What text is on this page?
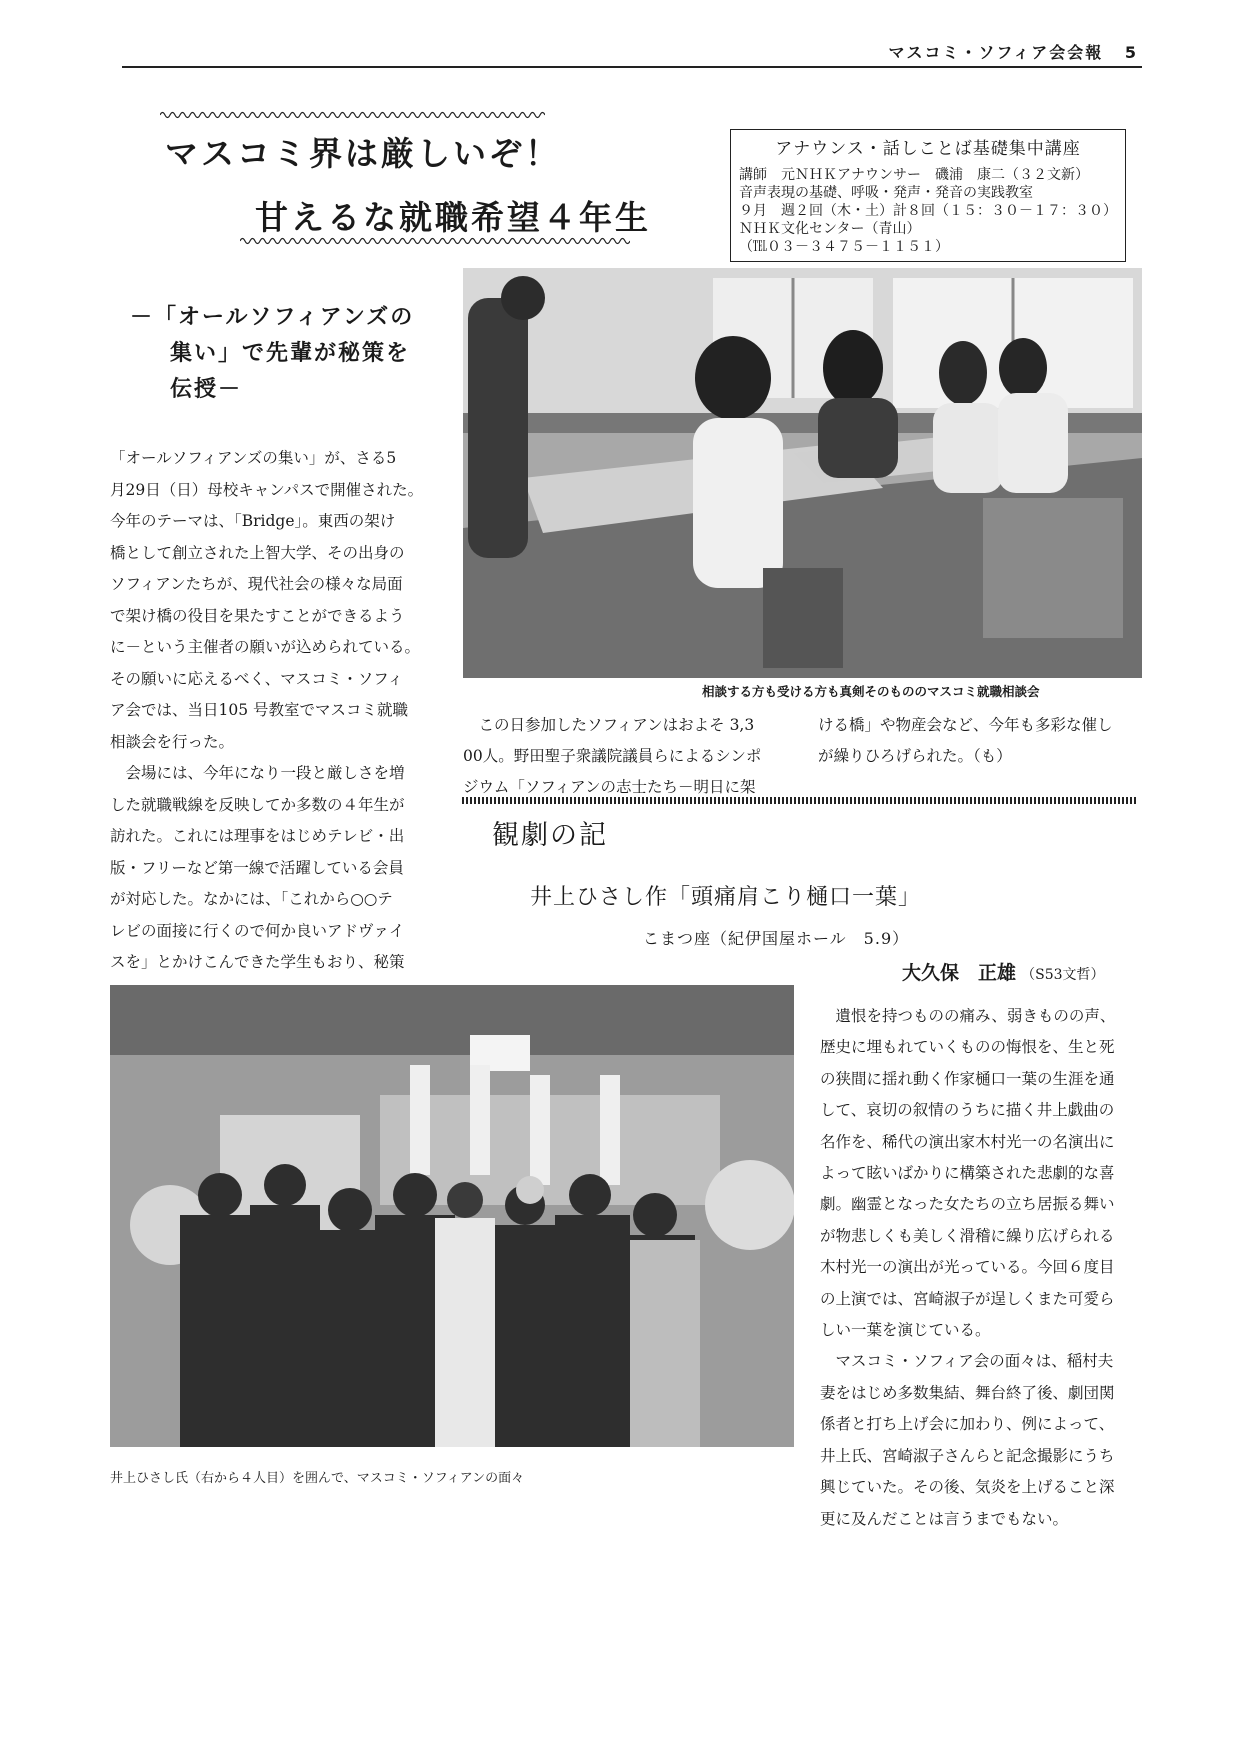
マスコミ・ソフィア会会報 5
マスコミ界は厳しいぞ！
甘えるな就職希望４年生
アナウンス・話しことば基礎集中講座
講師　元ＮＨＫアナウンサー　磯浦　康二（３２文新）
音声表現の基礎、呼吸・発声・発音の実践教室
９月　週２回（木・土）計８回（１５：３０－１７：３０）
ＮＨＫ文化センター（青山）
（℡０３－３４７５－１１５１）
－「オールソフィアンズの
集い」で先輩が秘策を
伝授－
相談する方も受ける方も真剣そのもののマスコミ就職相談会
「オールソフィアンズの集い」が、さる5
月29日（日）母校キャンパスで開催された。
今年のテーマは、「Bridge」。東西の架け
橋として創立された上智大学、その出身の
ソフィアンたちが、現代社会の様々な局面
で架け橋の役目を果たすことができるよう
に－という主催者の願いが込められている。
その願いに応えるべく、マスコミ・ソフィ
ア会では、当日105 号教室でマスコミ就職
相談会を行った。
　会場には、今年になり一段と厳しさを増
した就職戦線を反映してか多数の４年生が
訪れた。これには理事をはじめテレビ・出
版・フリーなど第一線で活躍している会員
が対応した。なかには、「これから○○テ
レビの面接に行くので何か良いアドヴァイ
スを」とかけこんできた学生もおり、秘策
　この日参加したソフィアンはおよそ 3,3
00人。野田聖子衆議院議員らによるシンポ
ジウム「ソフィアンの志士たち－明日に架
ける橋」や物産会など、今年も多彩な催し
が繰りひろげられた。（も）
観劇の記
井上ひさし作「頭痛肩こり樋口一葉」
こまつ座（紀伊国屋ホール　5.9）
大久保　正雄 （S53文哲）
　遺恨を持つものの痛み、弱きものの声、
歴史に埋もれていくものの悔恨を、生と死
の狭間に揺れ動く作家樋口一葉の生涯を通
して、哀切の叙情のうちに描く井上戯曲の
名作を、稀代の演出家木村光一の名演出に
よって眩いばかりに構築された悲劇的な喜
劇。幽霊となった女たちの立ち居振る舞い
が物悲しくも美しく滑稽に繰り広げられる
木村光一の演出が光っている。今回６度目
の上演では、宮崎淑子が逞しくまた可愛ら
しい一葉を演じている。
　マスコミ・ソフィア会の面々は、稲村夫
妻をはじめ多数集結、舞台終了後、劇団関
係者と打ち上げ会に加わり、例によって、
井上氏、宮崎淑子さんらと記念撮影にうち
興じていた。その後、気炎を上げること深
更に及んだことは言うまでもない。
井上ひさし氏（右から４人目）を囲んで、マスコミ・ソフィアンの面々
